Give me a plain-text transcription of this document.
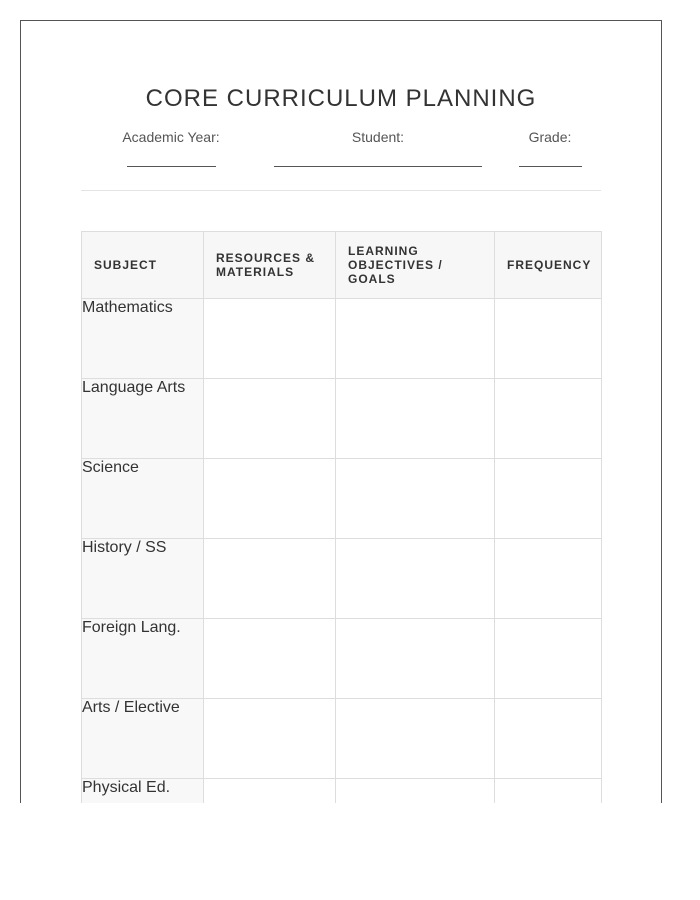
CORE CURRICULUM PLANNING
Academic Year:	Student:	Grade:
SUBJECT	RESOURCES & MATERIALS	LEARNING OBJECTIVES / GOALS	FREQUENCY
Mathematics			
Language Arts			
Science			
History / SS			
Foreign Lang.			
Arts / Elective			
Physical Ed.			
